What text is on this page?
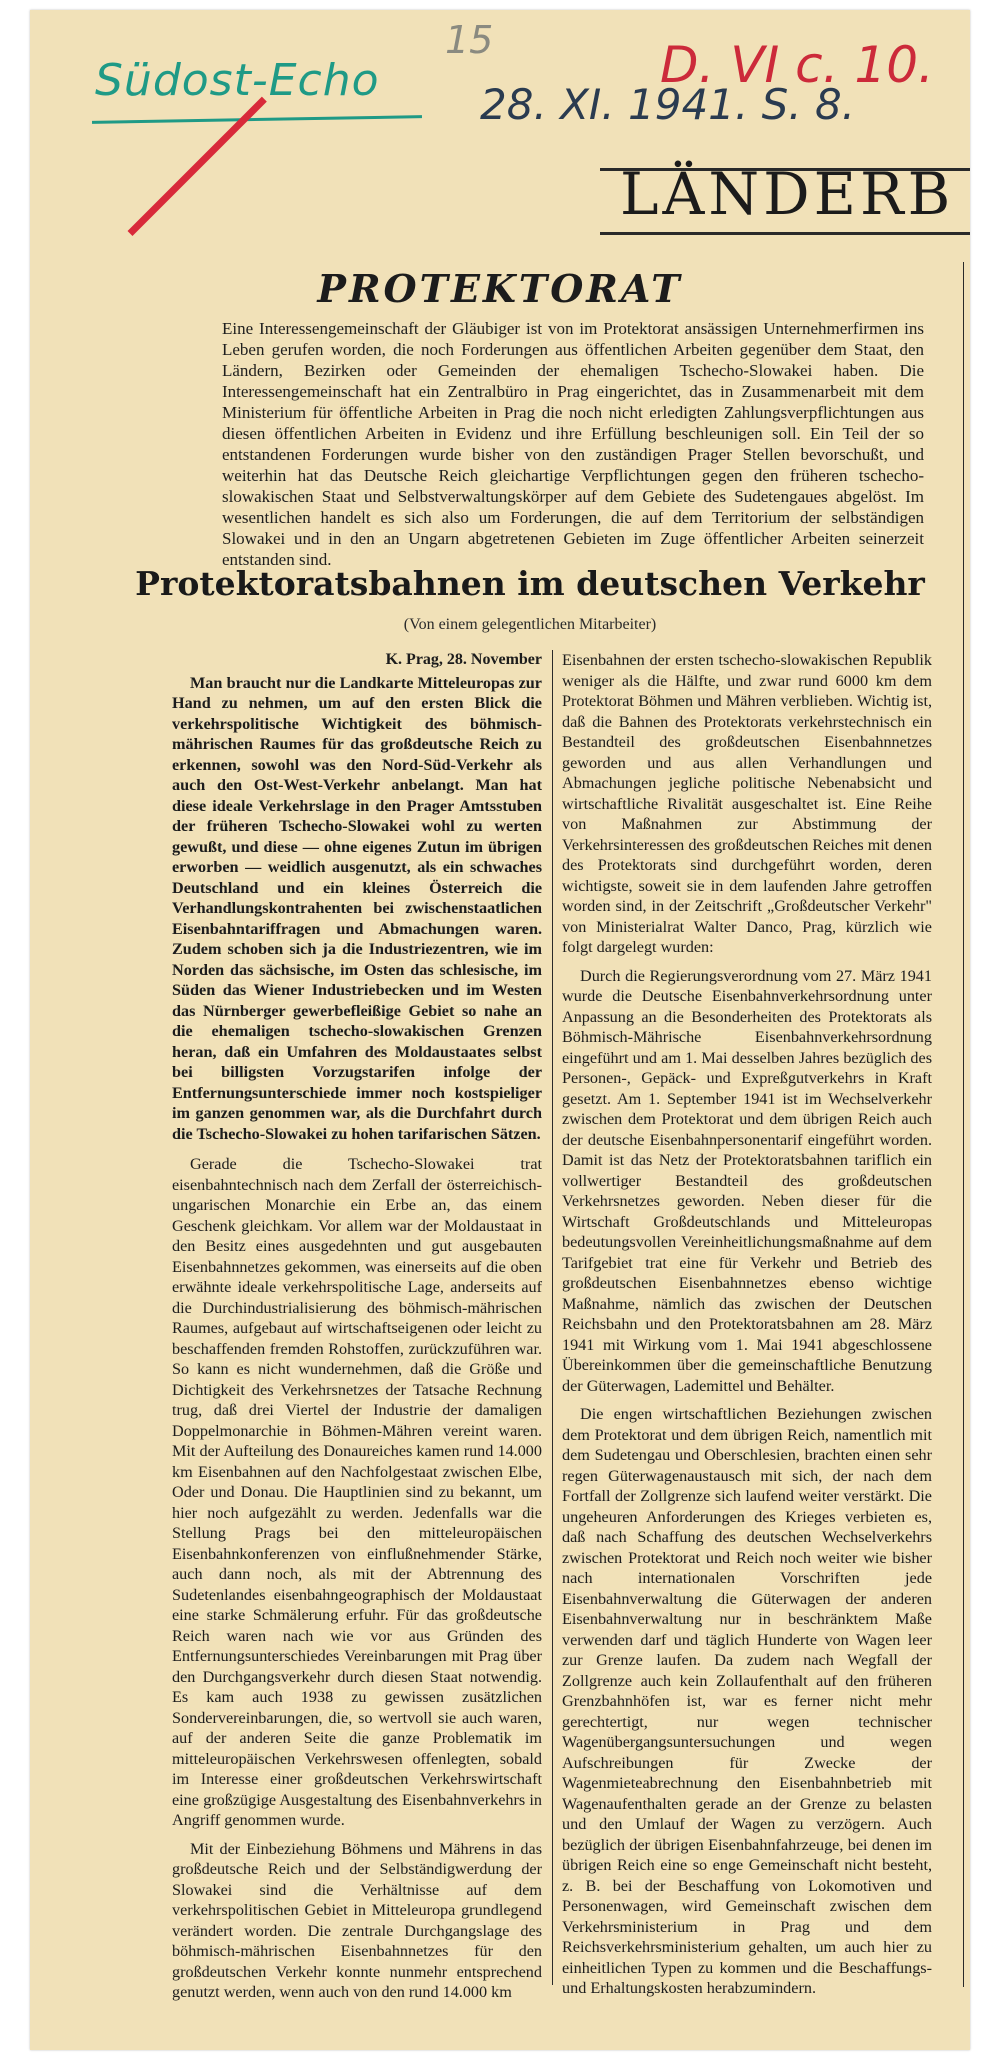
15
Südost-Echo 28. XI. 1941. S. 8.
D. VI c. 10.
LÄNDERB
PROTEKTORAT

Eine Interessengemeinschaft der Gläubiger ist von im Protektorat ansässigen Unternehmerfirmen ins Leben gerufen worden, die noch Forderungen aus öffentlichen Arbeiten gegenüber dem Staat, den Ländern, Bezirken oder Gemeinden der ehemaligen Tschecho-Slowakei haben. Die Interessengemeinschaft hat ein Zentralbüro in Prag eingerichtet, das in Zusammenarbeit mit dem Ministerium für öffentliche Arbeiten in Prag die noch nicht erledigten Zahlungsverpflichtungen aus diesen öffentlichen Arbeiten in Evidenz und ihre Erfüllung beschleunigen soll. Ein Teil der so entstandenen Forderungen wurde bisher von den zuständigen Prager Stellen bevorschußt, und weiterhin hat das Deutsche Reich gleichartige Verpflichtungen gegen den früheren tschecho-slowakischen Staat und Selbstverwaltungskörper auf dem Gebiete des Sudetengaues abgelöst. Im wesentlichen handelt es sich also um Forderungen, die auf dem Territorium der selbständigen Slowakei und in den an Ungarn abgetretenen Gebieten im Zuge öffentlicher Arbeiten seinerzeit entstanden sind.

Protektoratsbahnen im deutschen Verkehr
(Von einem gelegentlichen Mitarbeiter)
K. Prag, 28. November

Man braucht nur die Landkarte Mitteleuropas zur Hand zu nehmen, um auf den ersten Blick die verkehrspolitische Wichtigkeit des böhmisch-mährischen Raumes für das großdeutsche Reich zu erkennen, sowohl was den Nord-Süd-Verkehr als auch den Ost-West-Verkehr anbelangt. Man hat diese ideale Verkehrslage in den Prager Amtsstuben der früheren Tschecho-Slowakei wohl zu werten gewußt, und diese — ohne eigenes Zutun im übrigen erworben — weidlich ausgenutzt, als ein schwaches Deutschland und ein kleines Österreich die Verhandlungskontrahenten bei zwischenstaatlichen Eisenbahntariffragen und Abmachungen waren. Zudem schoben sich ja die Industriezentren, wie im Norden das sächsische, im Osten das schlesische, im Süden das Wiener Industriebecken und im Westen das Nürnberger gewerbefleißige Gebiet so nahe an die ehemaligen tschecho-slowakischen Grenzen heran, daß ein Umfahren des Moldaustaates selbst bei billigsten Vorzugstarifen infolge der Entfernungsunterschiede immer noch kostspieliger im ganzen genommen war, als die Durchfahrt durch die Tschecho-Slowakei zu hohen tarifarischen Sätzen.

Gerade die Tschecho-Slowakei trat eisenbahntechnisch nach dem Zerfall der österreichisch-ungarischen Monarchie ein Erbe an, das einem Geschenk gleichkam. Vor allem war der Moldaustaat in den Besitz eines ausgedehnten und gut ausgebauten Eisenbahnnetzes gekommen, was einerseits auf die oben erwähnte ideale verkehrspolitische Lage, anderseits auf die Durchindustrialisierung des böhmisch-mährischen Raumes, aufgebaut auf wirtschaftseigenen oder leicht zu beschaffenden fremden Rohstoffen, zurückzuführen war. So kann es nicht wundernehmen, daß die Größe und Dichtigkeit des Verkehrsnetzes der Tatsache Rechnung trug, daß drei Viertel der Industrie der damaligen Doppelmonarchie in Böhmen-Mähren vereint waren. Mit der Aufteilung des Donaureiches kamen rund 14.000 km Eisenbahnen auf den Nachfolgestaat zwischen Elbe, Oder und Donau. Die Hauptlinien sind zu bekannt, um hier noch aufgezählt zu werden. Jedenfalls war die Stellung Prags bei den mitteleuropäischen Eisenbahnkonferenzen von einflußnehmender Stärke, auch dann noch, als mit der Abtrennung des Sudetenlandes eisenbahngeographisch der Moldaustaat eine starke Schmälerung erfuhr. Für das großdeutsche Reich waren nach wie vor aus Gründen des Entfernungsunterschiedes Vereinbarungen mit Prag über den Durchgangsverkehr durch diesen Staat notwendig. Es kam auch 1938 zu gewissen zusätzlichen Sondervereinbarungen, die, so wertvoll sie auch waren, auf der anderen Seite die ganze Problematik im mitteleuropäischen Verkehrswesen offenlegten, sobald im Interesse einer großdeutschen Verkehrswirtschaft eine großzügige Ausgestaltung des Eisenbahnverkehrs in Angriff genommen wurde.

Mit der Einbeziehung Böhmens und Mährens in das großdeutsche Reich und der Selbständigwerdung der Slowakei sind die Verhältnisse auf dem verkehrspolitischen Gebiet in Mitteleuropa grundlegend verändert worden. Die zentrale Durchgangslage des böhmisch-mährischen Eisenbahnnetzes für den großdeutschen Verkehr konnte nunmehr entsprechend genutzt werden, wenn auch von den rund 14.000 km

Eisenbahnen der ersten tschecho-slowakischen Republik weniger als die Hälfte, und zwar rund 6000 km dem Protektorat Böhmen und Mähren verblieben. Wichtig ist, daß die Bahnen des Protektorats verkehrstechnisch ein Bestandteil des großdeutschen Eisenbahnnetzes geworden und aus allen Verhandlungen und Abmachungen jegliche politische Nebenabsicht und wirtschaftliche Rivalität ausgeschaltet ist. Eine Reihe von Maßnahmen zur Abstimmung der Verkehrsinteressen des großdeutschen Reiches mit denen des Protektorats sind durchgeführt worden, deren wichtigste, soweit sie in dem laufenden Jahre getroffen worden sind, in der Zeitschrift „Großdeutscher Verkehr" von Ministerialrat Walter Danco, Prag, kürzlich wie folgt dargelegt wurden:

Durch die Regierungsverordnung vom 27. März 1941 wurde die Deutsche Eisenbahnverkehrsordnung unter Anpassung an die Besonderheiten des Protektorats als Böhmisch-Mährische Eisenbahnverkehrsordnung eingeführt und am 1. Mai desselben Jahres bezüglich des Personen-, Gepäck- und Expreßgutverkehrs in Kraft gesetzt. Am 1. September 1941 ist im Wechselverkehr zwischen dem Protektorat und dem übrigen Reich auch der deutsche Eisenbahnpersonentarif eingeführt worden. Damit ist das Netz der Protektoratsbahnen tariflich ein vollwertiger Bestandteil des großdeutschen Verkehrsnetzes geworden. Neben dieser für die Wirtschaft Großdeutschlands und Mitteleuropas bedeutungsvollen Vereinheitlichungsmaßnahme auf dem Tarifgebiet trat eine für Verkehr und Betrieb des großdeutschen Eisenbahnnetzes ebenso wichtige Maßnahme, nämlich das zwischen der Deutschen Reichsbahn und den Protektoratsbahnen am 28. März 1941 mit Wirkung vom 1. Mai 1941 abgeschlossene Übereinkommen über die gemeinschaftliche Benutzung der Güterwagen, Lademittel und Behälter.

Die engen wirtschaftlichen Beziehungen zwischen dem Protektorat und dem übrigen Reich, namentlich mit dem Sudetengau und Oberschlesien, brachten einen sehr regen Güterwagenaustausch mit sich, der nach dem Fortfall der Zollgrenze sich laufend weiter verstärkt. Die ungeheuren Anforderungen des Krieges verbieten es, daß nach Schaffung des deutschen Wechselverkehrs zwischen Protektorat und Reich noch weiter wie bisher nach internationalen Vorschriften jede Eisenbahnverwaltung die Güterwagen der anderen Eisenbahnverwaltung nur in beschränktem Maße verwenden darf und täglich Hunderte von Wagen leer zur Grenze laufen. Da zudem nach Wegfall der Zollgrenze auch kein Zollaufenthalt auf den früheren Grenzbahnhöfen ist, war es ferner nicht mehr gerechtertigt, nur wegen technischer Wagenübergangsuntersuchungen und wegen Aufschreibungen für Zwecke der Wagenmieteabrechnung den Eisenbahnbetrieb mit Wagenaufenthalten gerade an der Grenze zu belasten und den Umlauf der Wagen zu verzögern. Auch bezüglich der übrigen Eisenbahnfahrzeuge, bei denen im übrigen Reich eine so enge Gemeinschaft nicht besteht, z. B. bei der Beschaffung von Lokomotiven und Personenwagen, wird Gemeinschaft zwischen dem Verkehrsministerium in Prag und dem Reichsverkehrsministerium gehalten, um auch hier zu einheitlichen Typen zu kommen und die Beschaffungs- und Erhaltungskosten herabzumindern.
